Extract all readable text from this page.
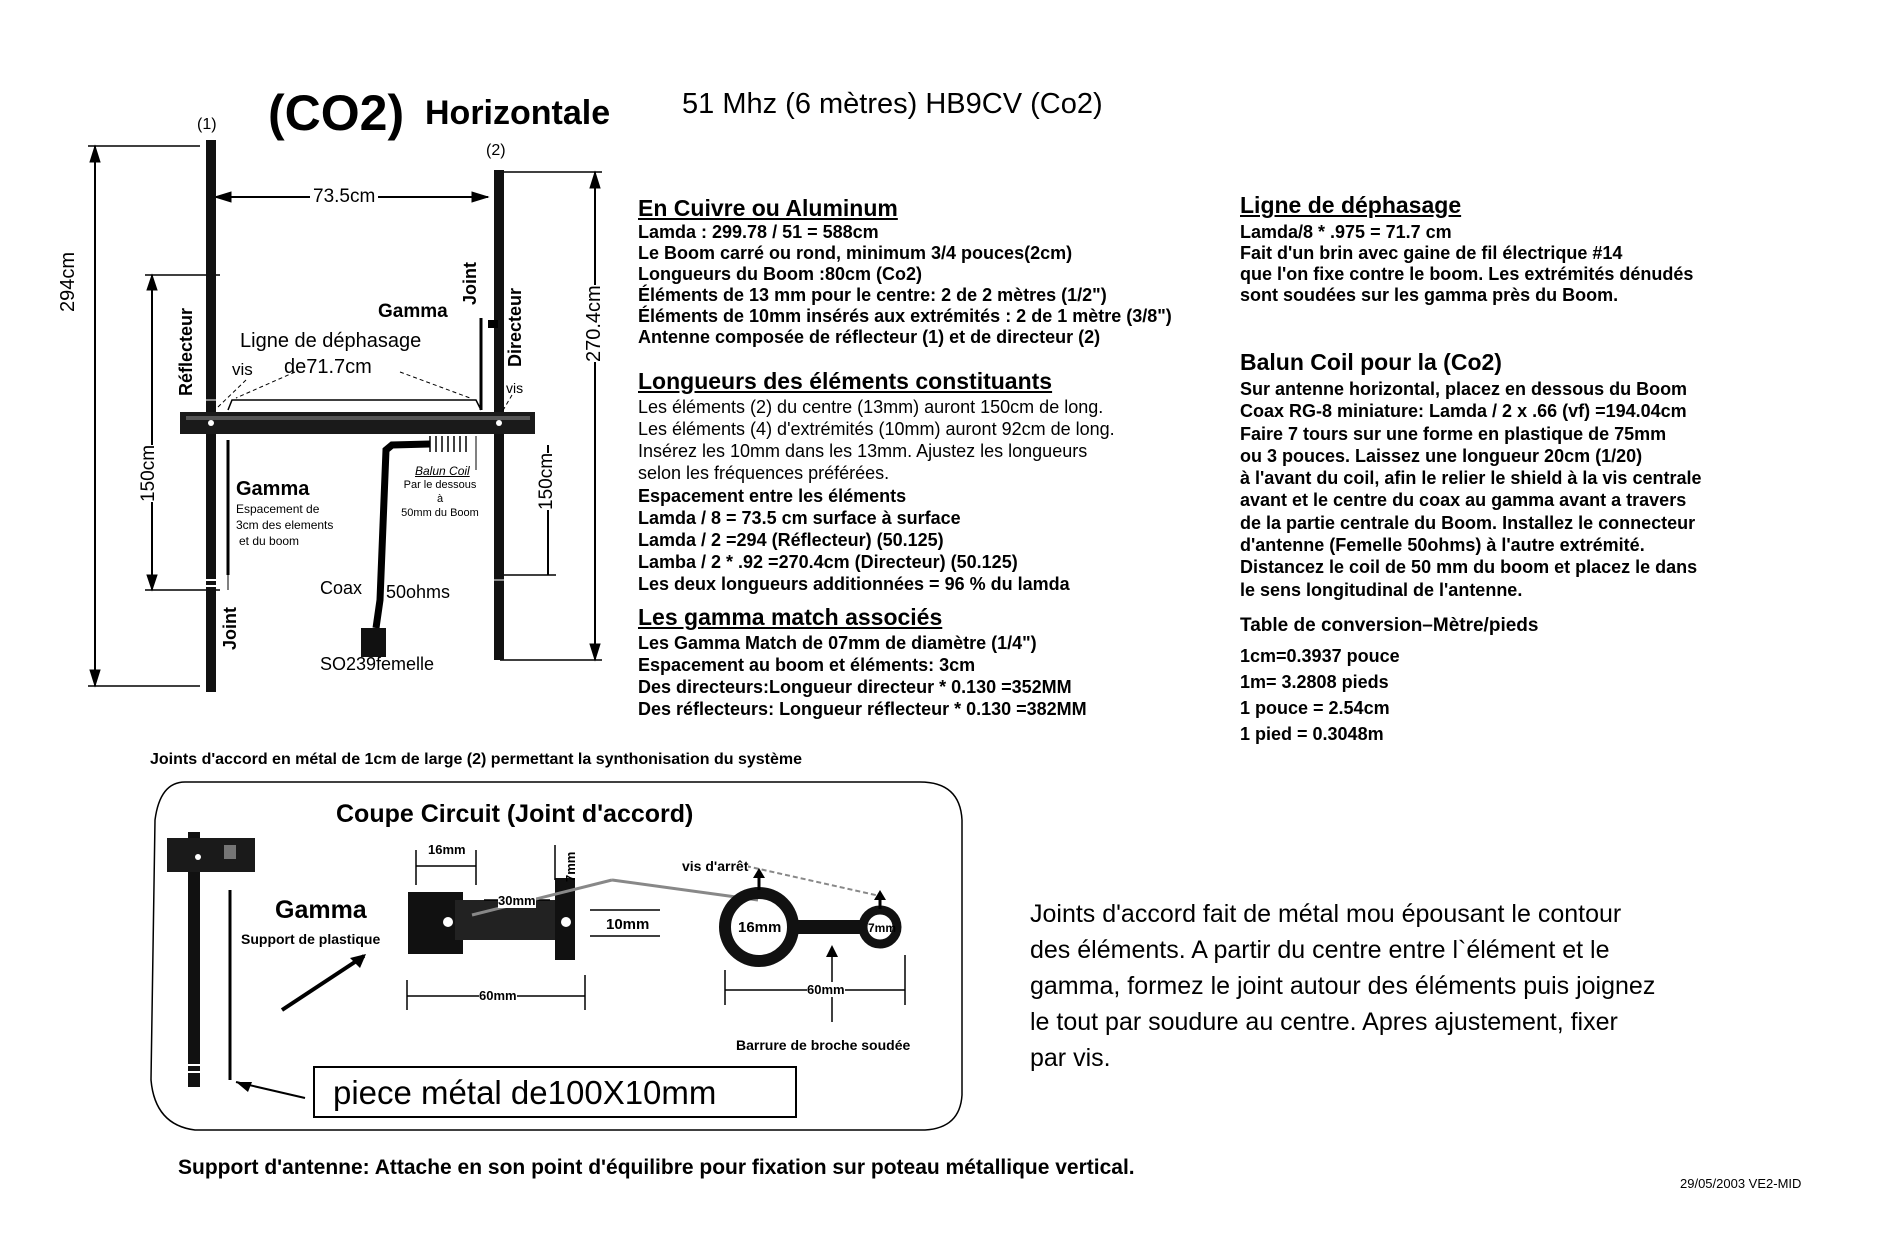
(CO2) Horizontale 51 Mhz (6 mètres) HB9CV (Co2)
(1)
(2)
73.5cm
294cm
270.4cm
Réflecteur	Directeur
Joint
Joint
Gamma
Ligne de déphasage
de71.7cm
vis
vis
150cm	150cm
Gamma
Espacement de
3cm des elements
et du boom
Balun Coil
Par le dessous
à
50mm du Boom
Coax 50ohms
SO239femelle
En Cuivre ou Aluminum
Lamda : 299.78 / 51 = 588cm
Le Boom carré ou rond, minimum 3/4 pouces(2cm)
Longueurs du Boom :80cm (Co2)
Éléments de 13 mm pour le centre: 2 de 2 mètres (1/2")
Éléments de 10mm insérés aux extrémités : 2 de 1 mètre (3/8")
Antenne composée de réflecteur (1) et de directeur (2)
Longueurs des éléments constituants
Les éléments (2) du centre (13mm) auront 150cm de long.
Les éléments (4) d'extrémités (10mm) auront 92cm de long.
Insérez les 10mm dans les 13mm. Ajustez les longueurs
selon les fréquences préférées.
Espacement entre les éléments
Lamda / 8 = 73.5 cm surface à surface
Lamda / 2 =294 (Réflecteur) (50.125)
Lamba / 2 * .92 =270.4cm (Directeur) (50.125)
Les deux longueurs additionnées = 96 % du lamda
Les gamma match associés
Les Gamma Match de 07mm de diamètre (1/4")
Espacement au boom et éléments: 3cm
Des directeurs:Longueur directeur * 0.130 =352MM
Des réflecteurs: Longueur réflecteur * 0.130 =382MM
Ligne de déphasage
Lamda/8 * .975 = 71.7 cm
Fait d'un brin avec gaine de fil électrique #14
que l'on fixe contre le boom. Les extrémités dénudés
sont soudées sur les gamma près du Boom.
Balun Coil pour la (Co2)
Sur antenne horizontal, placez en dessous du Boom
Coax RG-8 miniature: Lamda / 2 x .66 (vf) =194.04cm
Faire 7 tours sur une forme en plastique de 75mm
ou 3 pouces. Laissez une longueur 20cm (1/20)
à l'avant du coil, afin le relier le shield à la vis centrale
avant et le centre du coax au gamma avant a travers
de la partie centrale du Boom. Installez le connecteur
d'antenne (Femelle 50ohms) à l'autre extrémité.
Distancez le coil de 50 mm du boom et placez le dans
le sens longitudinal de l'antenne.
Table de conversion–Mètre/pieds
1cm=0.3937 pouce
1m= 3.2808 pieds
1 pouce = 2.54cm
1 pied = 0.3048m
Joints d'accord en métal de 1cm de large (2) permettant la synthonisation du système
Coupe Circuit (Joint d'accord)
Gamma
Support de plastique
16mm
7mm
30mm
10mm
60mm
vis d'arrêt
16mm	7mm
60mm
Barrure de broche soudée
piece métal de100X10mm
Joints d'accord fait de métal mou épousant le contour
des éléments. A partir du centre entre l`élément et le
gamma, formez le joint autour des éléments puis joignez
le tout par soudure au centre. Apres ajustement, fixer
par vis.
Support d'antenne: Attache en son point d'équilibre pour fixation sur poteau métallique vertical.
29/05/2003 VE2-MID
